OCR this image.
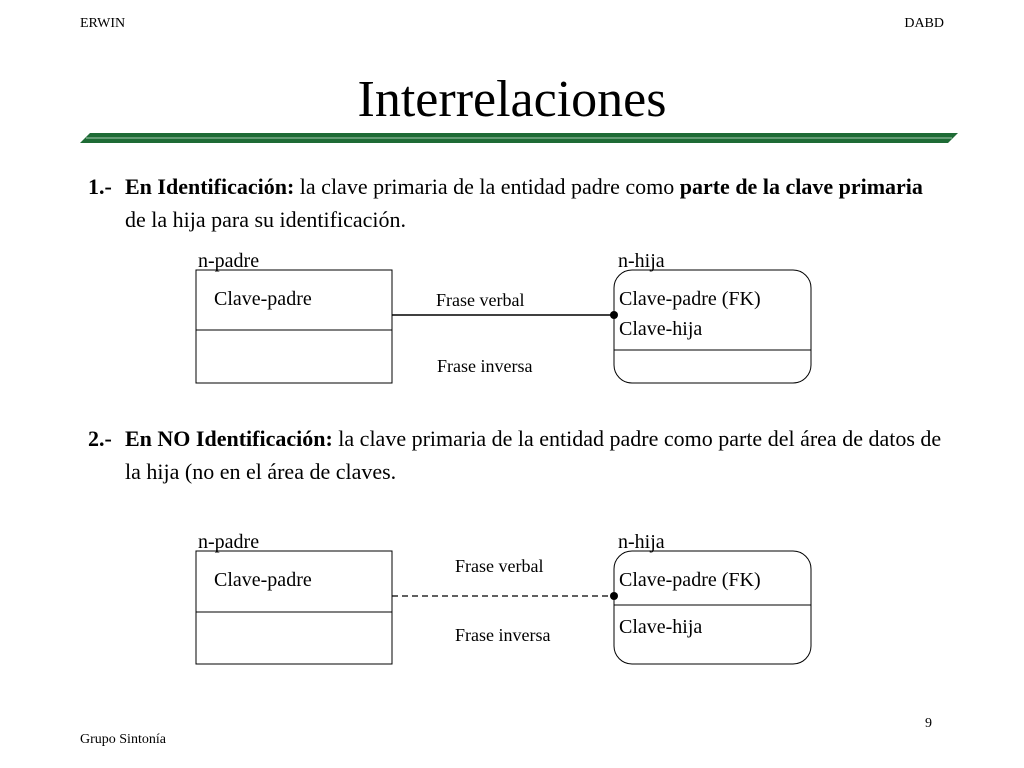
ERWIN	DABD
Interrelaciones
1.- En Identificación: la clave primaria de la entidad padre como parte de la clave primaria de la hija para su identificación.
n-padre
Clave-padre
n-hija
Clave-padre (FK)
Clave-hija
Frase verbal
Frase inversa
2.- En NO Identificación: la clave primaria de la entidad padre como parte del área de datos de la hija (no en el área de claves.
n-padre
Clave-padre
n-hija
Clave-padre (FK)
Clave-hija
Frase verbal
Frase inversa
Grupo Sintonía
9
